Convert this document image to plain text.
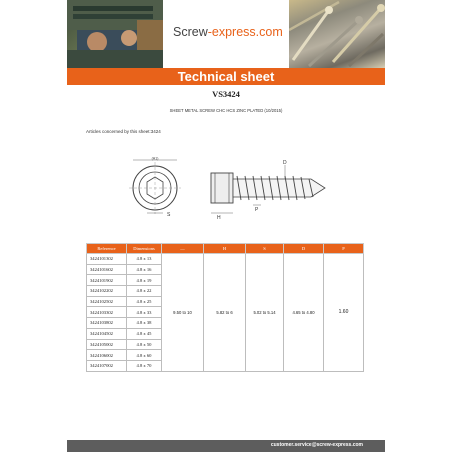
Screw-express.com
Technical sheet
VS3424
SHEET METAL SCREW CHC HCS ZINC PLATED (10/2015)
Articles concerned by this sheet:3424
(H1)
S	H
P
D
Reference	Dimensions	—	H	S	D	P
3424101302	4.8 x 13	9.50 to 10	5.82 to 6	5.02 to 5.14	4.65 to 4.80	1.60
3424101602	4.8 x 16					
3424101902	4.8 x 19					
3424102202	4.8 x 22					
3424102502	4.8 x 25					
3424103302	4.8 x 33					
3424103802	4.8 x 38					
3424104502	4.8 x 45					
3424105002	4.8 x 50					
3424106002	4.8 x 60					
3424107002	4.8 x 70					
customer.service@screw-express.com
